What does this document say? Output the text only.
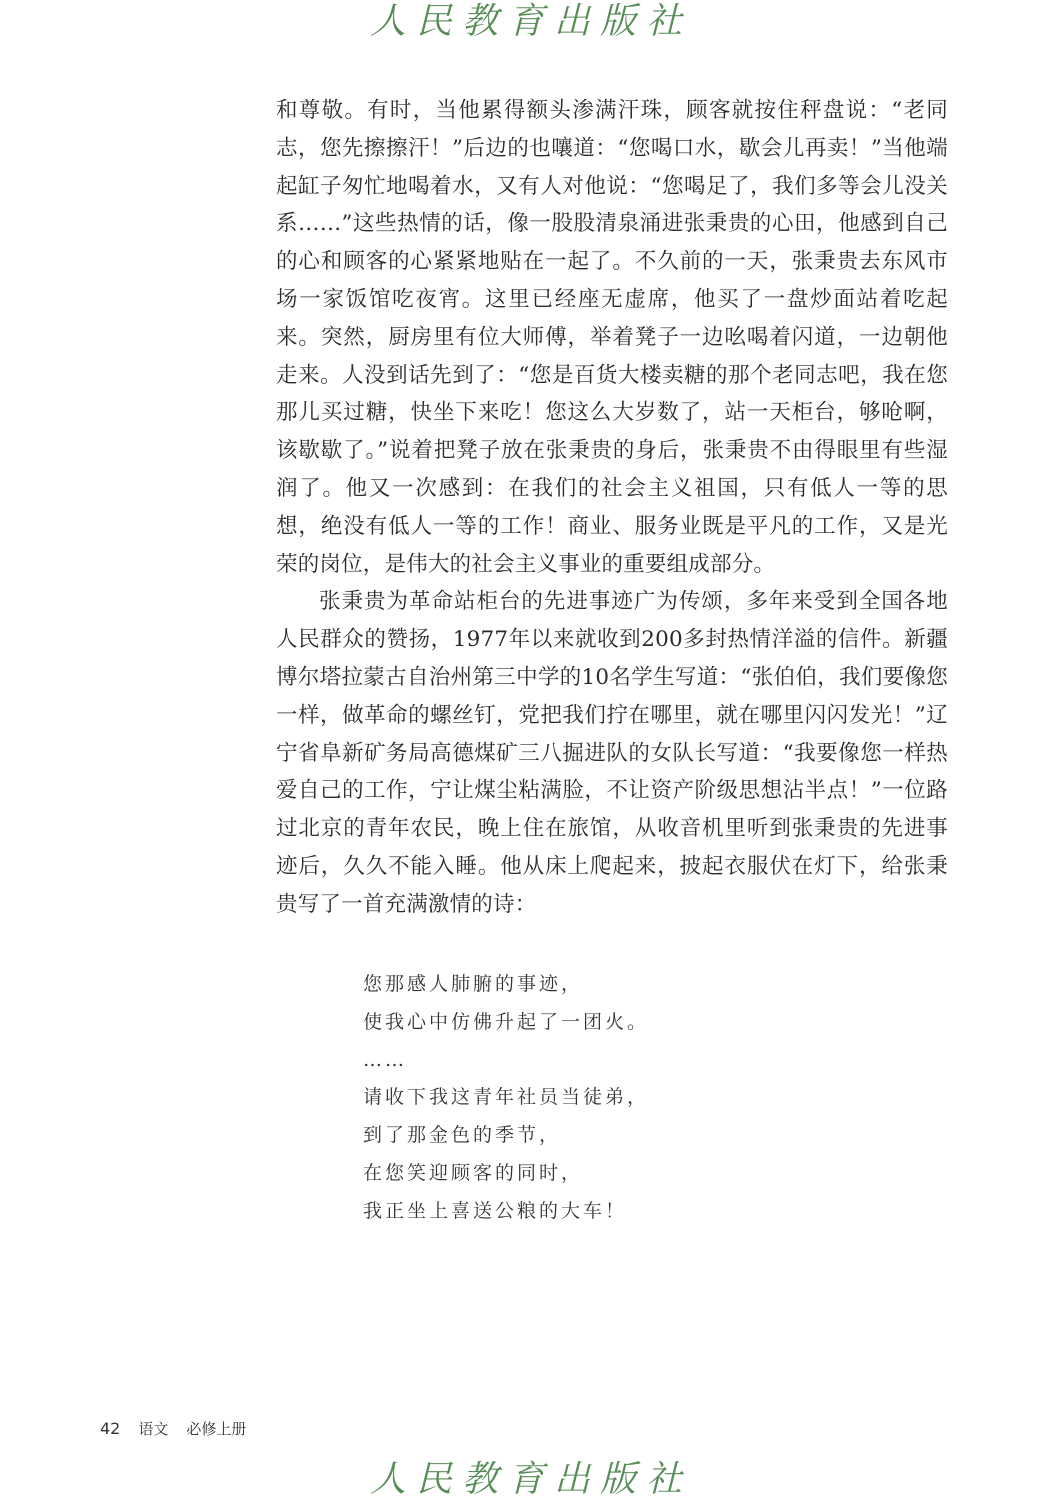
人民教育出版社

和尊敬。有时，当他累得额头渗满汗珠，顾客就按住秤盘说：“老同志，您先擦擦汗！”后边的也嚷道：“您喝口水，歇会儿再卖！”当他端起缸子匆忙地喝着水，又有人对他说：“您喝足了，我们多等会儿没关系……”这些热情的话，像一股股清泉涌进张秉贵的心田，他感到自己的心和顾客的心紧紧地贴在一起了。不久前的一天，张秉贵去东风市场一家饭馆吃夜宵。这里已经座无虚席，他买了一盘炒面站着吃起来。突然，厨房里有位大师傅，举着凳子一边吆喝着闪道，一边朝他走来。人没到话先到了：“您是百货大楼卖糖的那个老同志吧，我在您那儿买过糖，快坐下来吃！您这么大岁数了，站一天柜台，够呛啊，该歇歇了。”说着把凳子放在张秉贵的身后，张秉贵不由得眼里有些湿润了。他又一次感到：在我们的社会主义祖国，只有低人一等的思想，绝没有低人一等的工作！商业、服务业既是平凡的工作，又是光荣的岗位，是伟大的社会主义事业的重要组成部分。

张秉贵为革命站柜台的先进事迹广为传颂，多年来受到全国各地人民群众的赞扬，1977年以来就收到200多封热情洋溢的信件。新疆博尔塔拉蒙古自治州第三中学的10名学生写道：“张伯伯，我们要像您一样，做革命的螺丝钉，党把我们拧在哪里，就在哪里闪闪发光！”辽宁省阜新矿务局高德煤矿三八掘进队的女队长写道：“我要像您一样热爱自己的工作，宁让煤尘粘满脸，不让资产阶级思想沾半点！”一位路过北京的青年农民，晚上住在旅馆，从收音机里听到张秉贵的先进事迹后，久久不能入睡。他从床上爬起来，披起衣服伏在灯下，给张秉贵写了一首充满激情的诗：

您那感人肺腑的事迹，
使我心中仿佛升起了一团火。
……
请收下我这青年社员当徒弟，
到了那金色的季节，
在您笑迎顾客的同时，
我正坐上喜送公粮的大车！
42 语文 必修上册
人民教育出版社
